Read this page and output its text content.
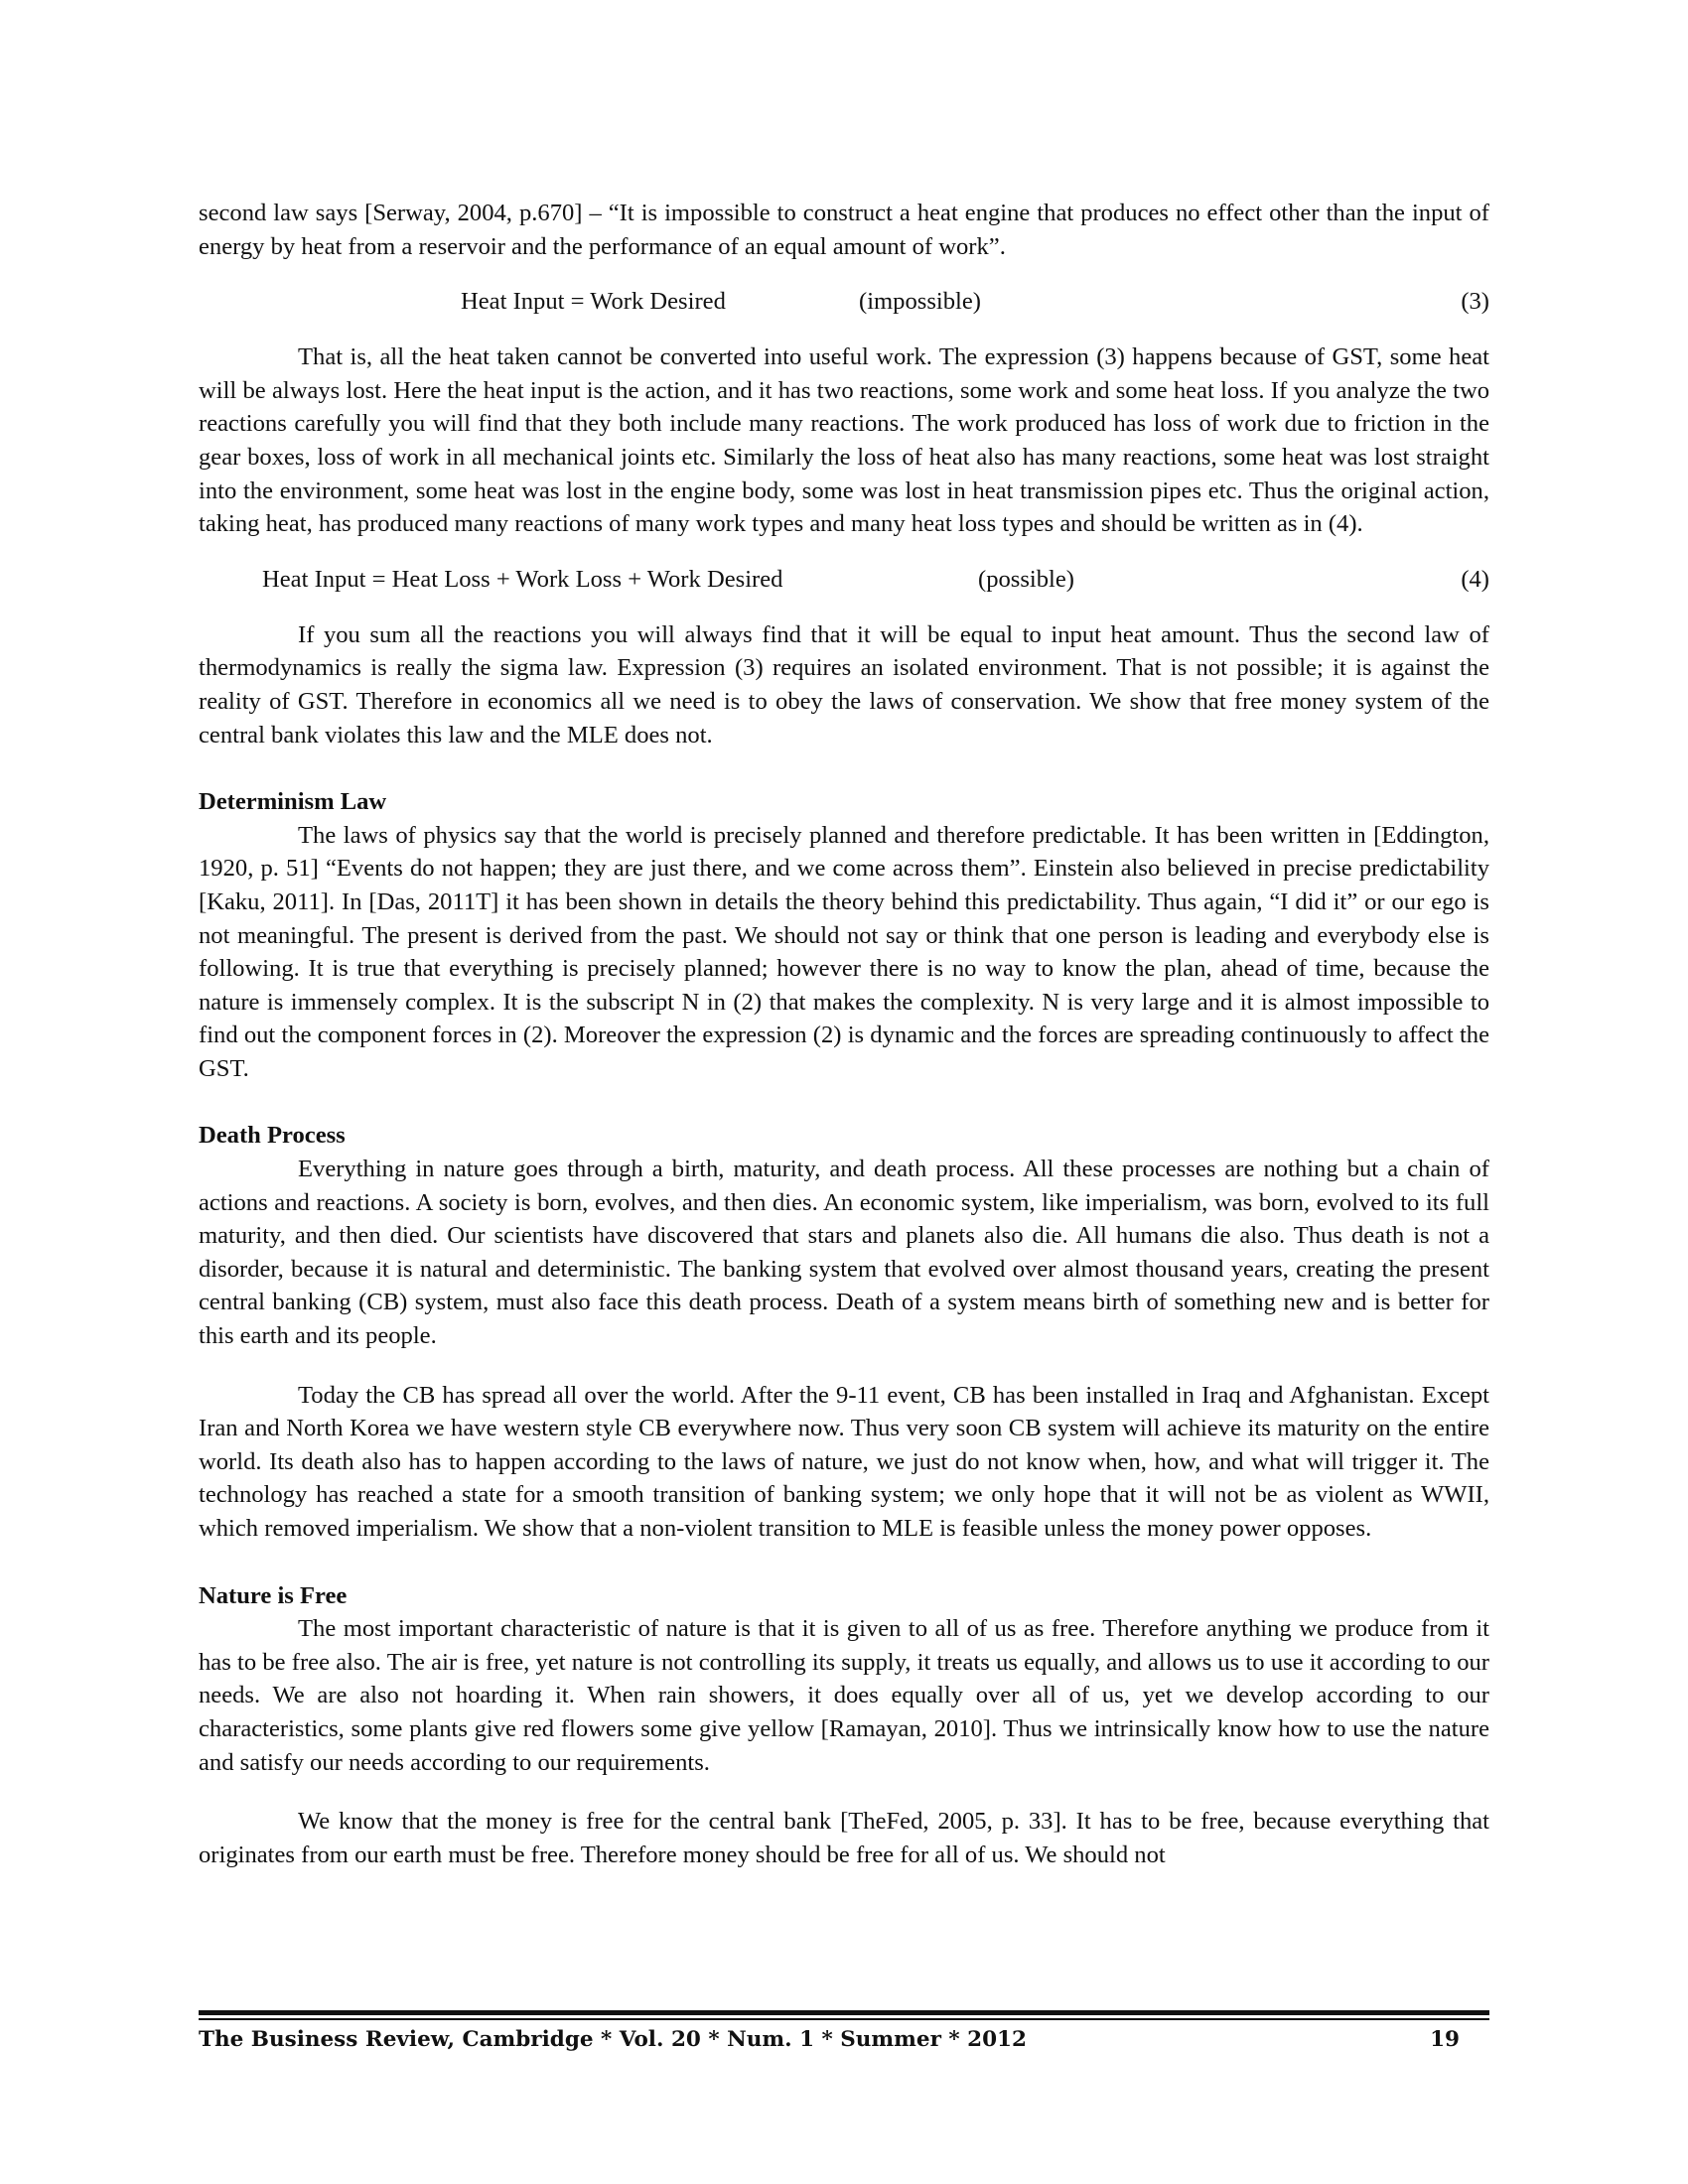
second law says [Serway, 2004, p.670] – “It is impossible to construct a heat engine that produces no effect other than the input of energy by heat from a reservoir and the performance of an equal amount of work”.

Heat Input = Work Desired	(impossible)	(3)

That is, all the heat taken cannot be converted into useful work. The expression (3) happens because of GST, some heat will be always lost. Here the heat input is the action, and it has two reactions, some work and some heat loss. If you analyze the two reactions carefully you will find that they both include many reactions. The work produced has loss of work due to friction in the gear boxes, loss of work in all mechanical joints etc. Similarly the loss of heat also has many reactions, some heat was lost straight into the environment, some heat was lost in the engine body, some was lost in heat transmission pipes etc. Thus the original action, taking heat, has produced many reactions of many work types and many heat loss types and should be written as in (4).

Heat Input = Heat Loss + Work Loss + Work Desired	(possible)	(4)

If you sum all the reactions you will always find that it will be equal to input heat amount. Thus the second law of thermodynamics is really the sigma law. Expression (3) requires an isolated environment. That is not possible; it is against the reality of GST. Therefore in economics all we need is to obey the laws of conservation. We show that free money system of the central bank violates this law and the MLE does not.

Determinism Law

The laws of physics say that the world is precisely planned and therefore predictable. It has been written in [Eddington, 1920, p. 51] “Events do not happen; they are just there, and we come across them”. Einstein also believed in precise predictability [Kaku, 2011]. In [Das, 2011T] it has been shown in details the theory behind this predictability. Thus again, “I did it” or our ego is not meaningful. The present is derived from the past. We should not say or think that one person is leading and everybody else is following. It is true that everything is precisely planned; however there is no way to know the plan, ahead of time, because the nature is immensely complex. It is the subscript N in (2) that makes the complexity. N is very large and it is almost impossible to find out the component forces in (2). Moreover the expression (2) is dynamic and the forces are spreading continuously to affect the GST.

Death Process

Everything in nature goes through a birth, maturity, and death process. All these processes are nothing but a chain of actions and reactions. A society is born, evolves, and then dies. An economic system, like imperialism, was born, evolved to its full maturity, and then died. Our scientists have discovered that stars and planets also die. All humans die also. Thus death is not a disorder, because it is natural and deterministic. The banking system that evolved over almost thousand years, creating the present central banking (CB) system, must also face this death process. Death of a system means birth of something new and is better for this earth and its people.

Today the CB has spread all over the world. After the 9-11 event, CB has been installed in Iraq and Afghanistan. Except Iran and North Korea we have western style CB everywhere now. Thus very soon CB system will achieve its maturity on the entire world. Its death also has to happen according to the laws of nature, we just do not know when, how, and what will trigger it. The technology has reached a state for a smooth transition of banking system; we only hope that it will not be as violent as WWII, which removed imperialism. We show that a non-violent transition to MLE is feasible unless the money power opposes.

Nature is Free

The most important characteristic of nature is that it is given to all of us as free. Therefore anything we produce from it has to be free also. The air is free, yet nature is not controlling its supply, it treats us equally, and allows us to use it according to our needs. We are also not hoarding it. When rain showers, it does equally over all of us, yet we develop according to our characteristics, some plants give red flowers some give yellow [Ramayan, 2010]. Thus we intrinsically know how to use the nature and satisfy our needs according to our requirements.

We know that the money is free for the central bank [TheFed, 2005, p. 33]. It has to be free, because everything that originates from our earth must be free. Therefore money should be free for all of us. We should not

The Business Review, Cambridge * Vol. 20 * Num. 1 * Summer * 2012	19
